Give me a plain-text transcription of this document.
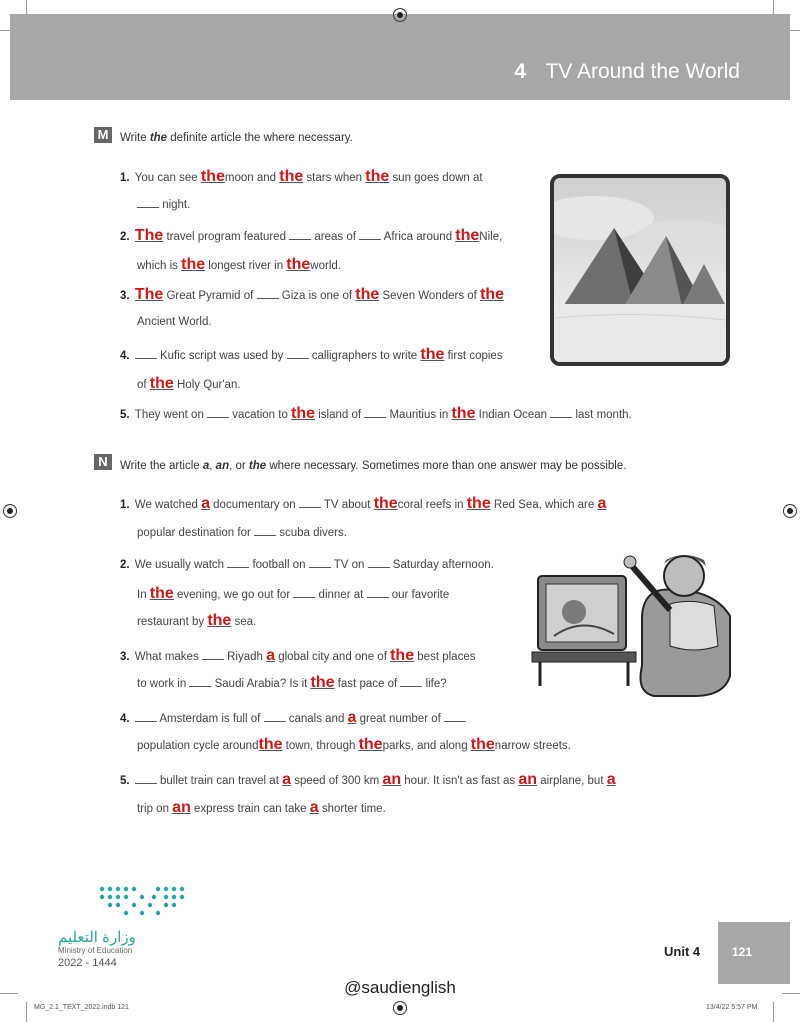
4 TV Around the World
M	Write the definite article the where necessary.
1. You can see themoon and the stars when the sun goes down at
night.
2. The travel program featured  areas of  Africa around theNile,
which is the longest river in theworld.
3. The Great Pyramid of  Giza is one of the Seven Wonders of the
Ancient World.
4.  Kufic script was used by  calligraphers to write the first copies
of the Holy Qur'an.
5. They went on  vacation to the island of  Mauritius in the Indian Ocean  last month.
N	Write the article a, an, or the where necessary. Sometimes more than one answer may be possible.
1. We watched a documentary on  TV about thecoral reefs in the Red Sea, which are a
popular destination for  scuba divers.
2. We usually watch  football on  TV on  Saturday afternoon.
In the evening, we go out for  dinner at  our favorite
restaurant by the sea.
3. What makes  Riyadh a global city and one of the best places
to work in  Saudi Arabia? Is it the fast pace of  life?
4.  Amsterdam is full of  canals and a great number of
population cycle aroundthe town, through theparks, and along thenarrow streets.
5.  bullet train can travel at a speed of 300 km an hour. It isn't as fast as an airplane, but a
trip on an express train can take a shorter time.
وزارة التعليم
Ministry of Education
2022 - 1444
Unit 4	121
@saudienglish
MG_2.1_TEXT_2022.indb 121	13/4/22 5:57 PM
